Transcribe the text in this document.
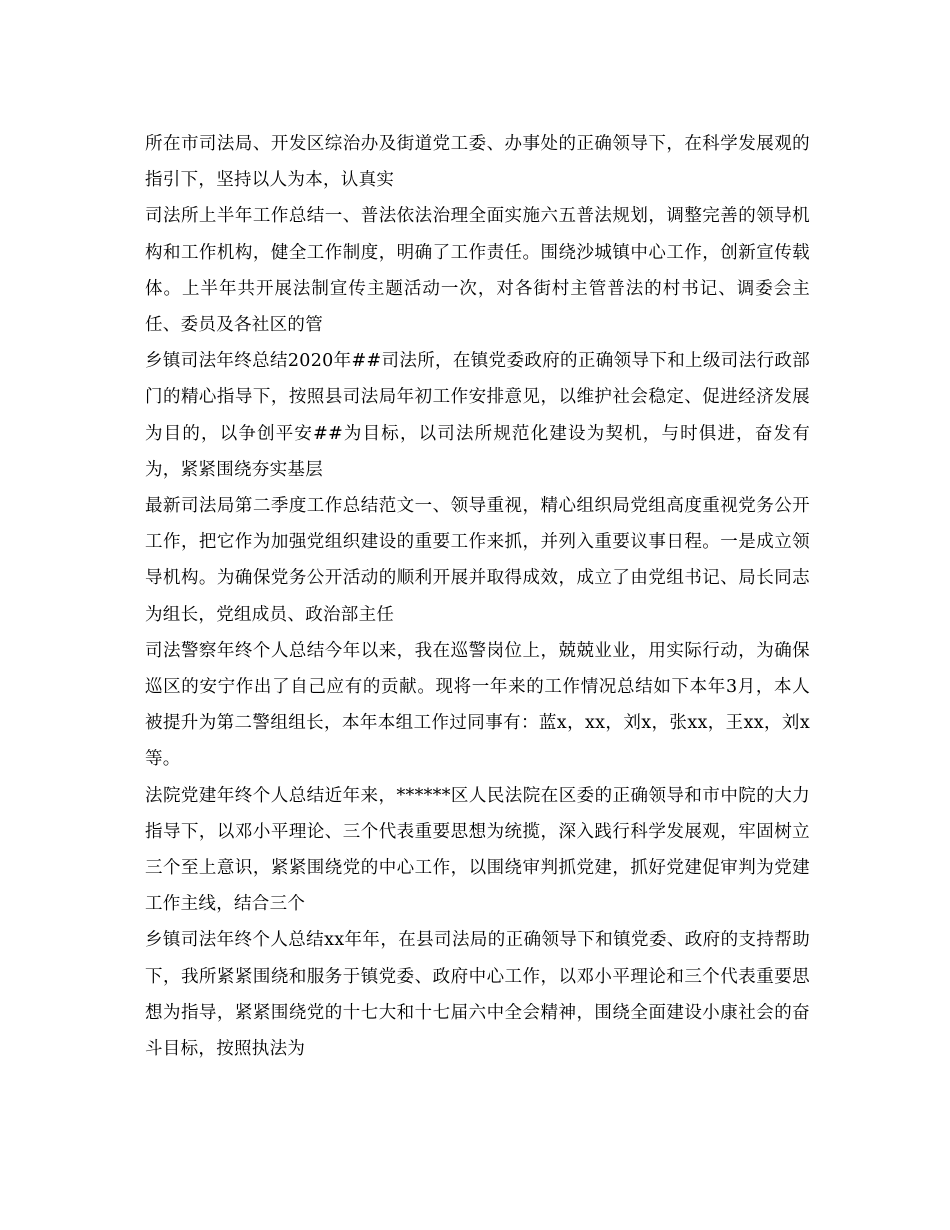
所在市司法局、开发区综治办及街道党工委、办事处的正确领导下，在科学发展观的指引下，坚持以人为本，认真实

司法所上半年工作总结一、普法依法治理全面实施六五普法规划，调整完善的领导机构和工作机构，健全工作制度，明确了工作责任。围绕沙城镇中心工作，创新宣传载体。上半年共开展法制宣传主题活动一次，对各街村主管普法的村书记、调委会主任、委员及各社区的管

乡镇司法年终总结2020年##司法所，在镇党委政府的正确领导下和上级司法行政部门的精心指导下，按照县司法局年初工作安排意见，以维护社会稳定、促进经济发展为目的，以争创平安##为目标，以司法所规范化建设为契机，与时俱进，奋发有为，紧紧围绕夯实基层

最新司法局第二季度工作总结范文一、领导重视，精心组织局党组高度重视党务公开工作，把它作为加强党组织建设的重要工作来抓，并列入重要议事日程。一是成立领导机构。为确保党务公开活动的顺利开展并取得成效，成立了由党组书记、局长同志为组长，党组成员、政治部主任

司法警察年终个人总结今年以来，我在巡警岗位上，兢兢业业，用实际行动，为确保巡区的安宁作出了自己应有的贡献。现将一年来的工作情况总结如下本年3月，本人被提升为第二警组组长，本年本组工作过同事有：蓝x，xx，刘x，张xx，王xx，刘x等。

法院党建年终个人总结近年来，******区人民法院在区委的正确领导和市中院的大力指导下，以邓小平理论、三个代表重要思想为统揽，深入践行科学发展观，牢固树立三个至上意识，紧紧围绕党的中心工作，以围绕审判抓党建，抓好党建促审判为党建工作主线，结合三个

乡镇司法年终个人总结xx年年，在县司法局的正确领导下和镇党委、政府的支持帮助下，我所紧紧围绕和服务于镇党委、政府中心工作，以邓小平理论和三个代表重要思想为指导，紧紧围绕党的十七大和十七届六中全会精神，围绕全面建设小康社会的奋斗目标，按照执法为
